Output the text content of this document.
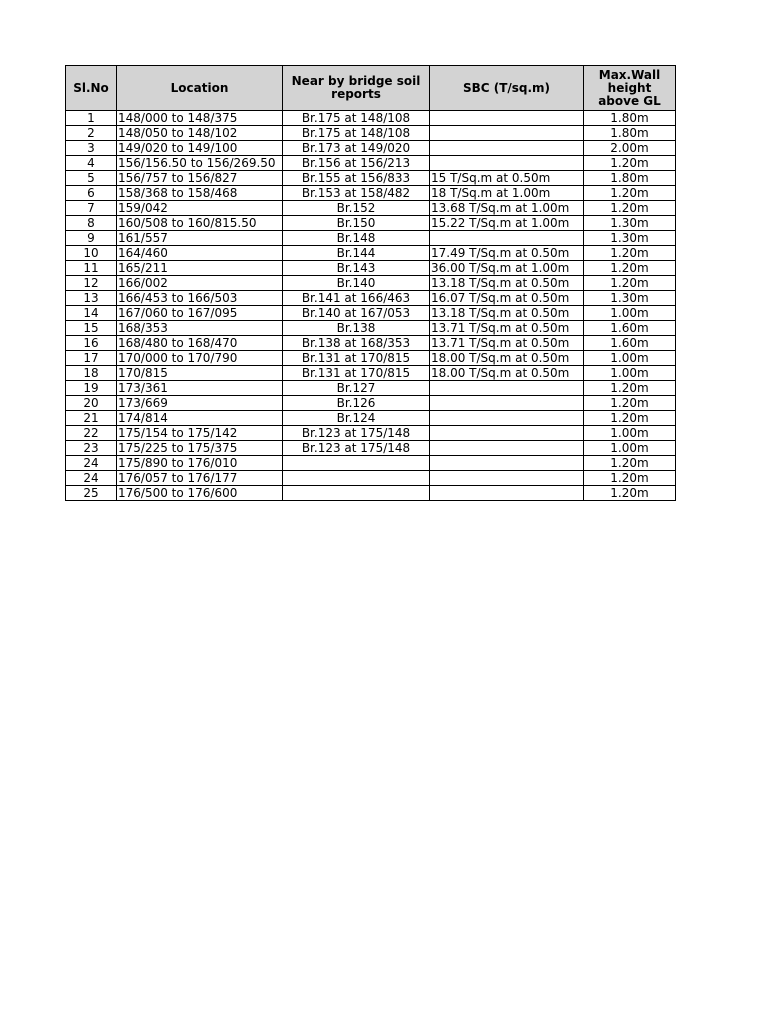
Sl.No	Location	Near by bridge soil reports	SBC (T/sq.m)	Max.Wall height above GL
1	148/000 to 148/375	Br.175 at 148/108		1.80m
2	148/050 to 148/102	Br.175 at 148/108		1.80m
3	149/020 to 149/100	Br.173 at 149/020		2.00m
4	156/156.50 to 156/269.50	Br.156 at 156/213		1.20m
5	156/757 to 156/827	Br.155 at 156/833	15 T/Sq.m at 0.50m	1.80m
6	158/368 to 158/468	Br.153 at 158/482	18 T/Sq.m at 1.00m	1.20m
7	159/042	Br.152	13.68 T/Sq.m at 1.00m	1.20m
8	160/508 to 160/815.50	Br.150	15.22 T/Sq.m at 1.00m	1.30m
9	161/557	Br.148		1.30m
10	164/460	Br.144	17.49 T/Sq.m at 0.50m	1.20m
11	165/211	Br.143	36.00 T/Sq.m at 1.00m	1.20m
12	166/002	Br.140	13.18 T/Sq.m at 0.50m	1.20m
13	166/453 to 166/503	Br.141 at 166/463	16.07 T/Sq.m at 0.50m	1.30m
14	167/060 to 167/095	Br.140 at 167/053	13.18 T/Sq.m at 0.50m	1.00m
15	168/353	Br.138	13.71 T/Sq.m at 0.50m	1.60m
16	168/480 to 168/470	Br.138 at 168/353	13.71 T/Sq.m at 0.50m	1.60m
17	170/000 to 170/790	Br.131 at 170/815	18.00 T/Sq.m at 0.50m	1.00m
18	170/815	Br.131 at 170/815	18.00 T/Sq.m at 0.50m	1.00m
19	173/361	Br.127		1.20m
20	173/669	Br.126		1.20m
21	174/814	Br.124		1.20m
22	175/154 to 175/142	Br.123 at 175/148		1.00m
23	175/225 to 175/375	Br.123 at 175/148		1.00m
24	175/890 to 176/010			1.20m
24	176/057 to 176/177			1.20m
25	176/500 to 176/600			1.20m
